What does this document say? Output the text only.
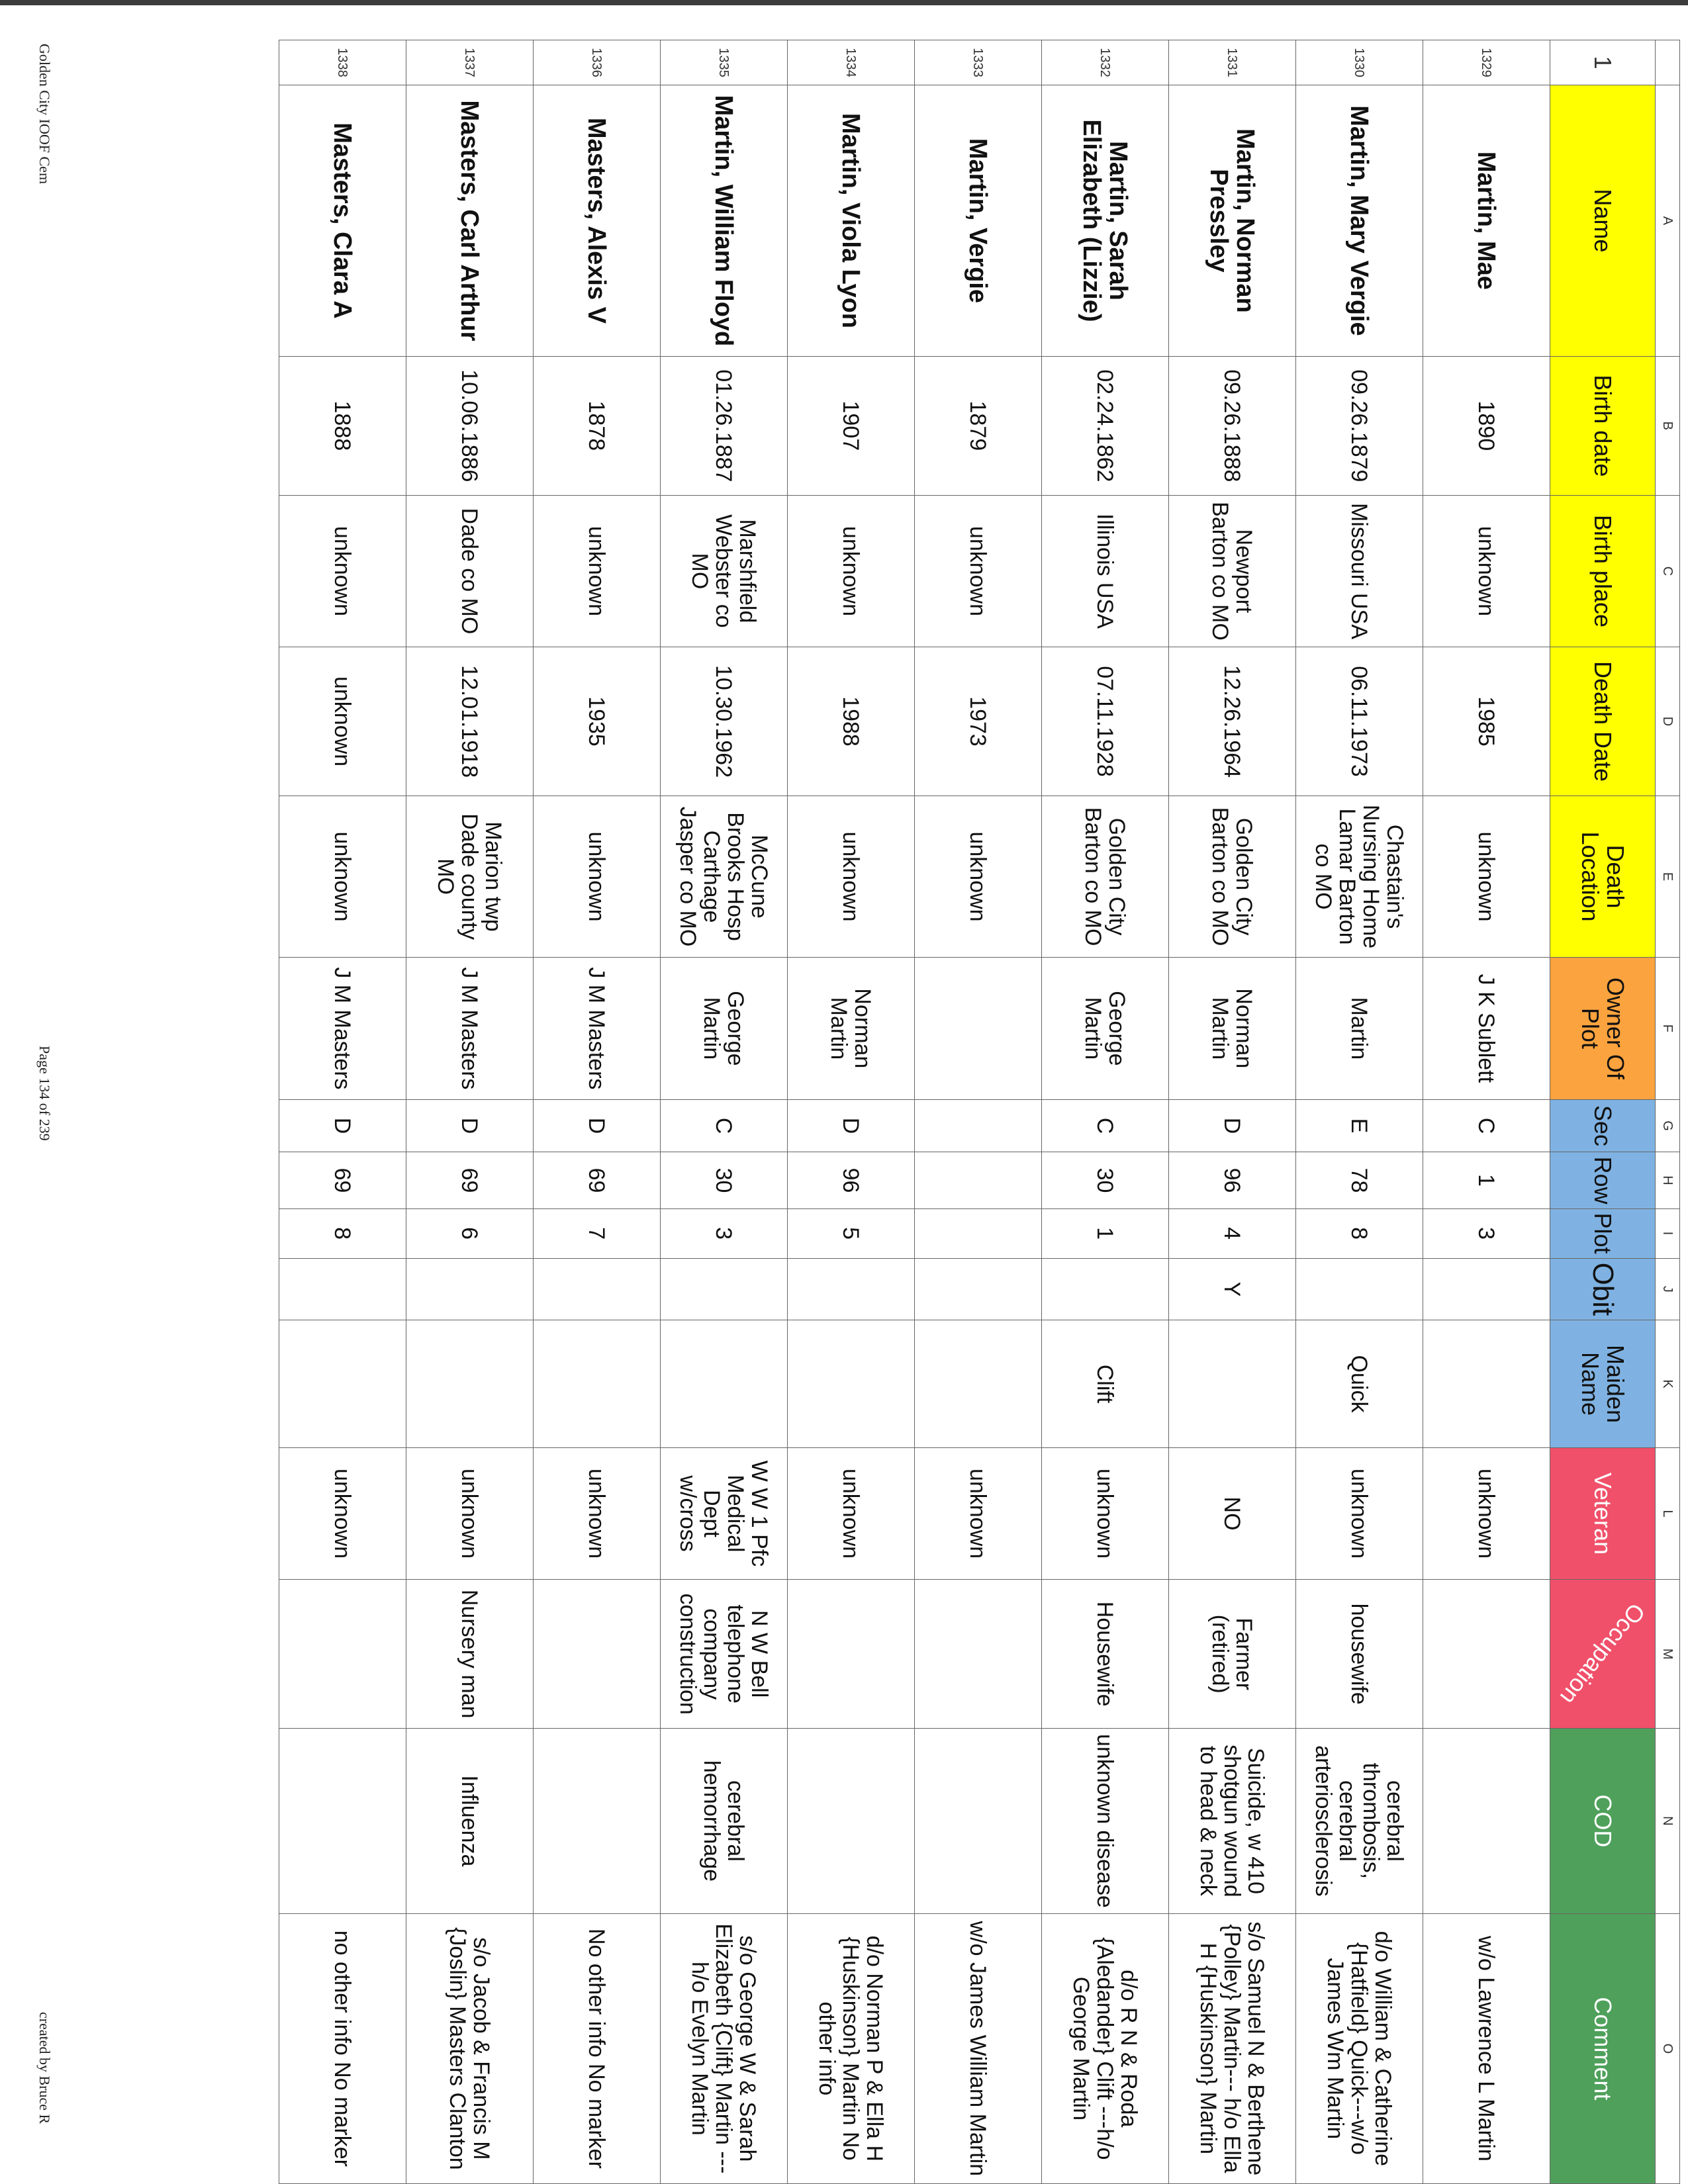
	A	B	C	D	E	F	G	H	I	J	K	L	M	N	O
1	Name	Birth date	Birth place	Death Date	Death Location	Owner Of Plot	Sec	Row	Plot	Obit	Maiden Name	Veteran	Occupation	COD	Comment
1329	Martin, Mae	1890	unknown	1985	unknown	J K Sublett	C	1	3			unknown			w/o Lawrence L Martin
1330	Martin, Mary Vergie	09.26.1879	Missouri USA	06.11.1973	Chastain's Nursing Home Lamar Barton co MO	Martin	E	78	8		Quick	unknown	housewife	cerebral thrombosis, cerebral arteriosclerosis	d/o William & Catherine {Hatfield} Quick---w/o James Wm Martin
1331	Martin, Norman Pressley	09.26.1888	Newport Barton co MO	12.26.1964	Golden City Barton co MO	Norman Martin	D	96	4	Y		NO	Farmer (retired)	Suicide, w 410 shotgun wound to head & neck	s/o Samuel N & Berthene {Polley} Martin--- h/o Ella H {Huskinson} Martin
1332	Martin, Sarah Elizabeth (Lizzie)	02.24.1862	Illinois USA	07.11.1928	Golden City Barton co MO	George Martin	C	30	1		Clift	unknown	Housewife	unknown disease	d/o R N & Roda {Aledander} Clift ---h/o George Martin
1333	Martin, Vergie	1879	unknown	1973	unknown							unknown			w/o James William Martin
1334	Martin, Viola Lyon	1907	unknown	1988	unknown	Norman Martin	D	96	5			unknown			d/o Norman P & Ella H {Huskinson} Martin No other info
1335	Martin, William Floyd	01.26.1887	Marshfield Webster co MO	10.30.1962	McCune Brooks Hosp Carthage Jasper co MO	George Martin	C	30	3			W W 1 Pfc Medical Dept w/cross	N W Bell telephone company construction	cerebral hemorrhage	s/o George W & Sarah Elizabeth {Clift} Martin ---h/o Evelyn Martin
1336	Masters, Alexis V	1878	unknown	1935	unknown	J M Masters	D	69	7			unknown			No other info No marker
1337	Masters, Carl Arthur	10.06.1886	Dade co MO	12.01.1918	Marion twp Dade county MO	J M Masters	D	69	6			unknown	Nursery man	Influenza	s/o Jacob & Francis M {Joslin} Masters Clanton
1338	Masters, Clara A	1888	unknown	unknown	unknown	J M Masters	D	69	8			unknown			no other info No marker
Golden City IOOF Cem
Page 134 of 239
created by Bruce R
